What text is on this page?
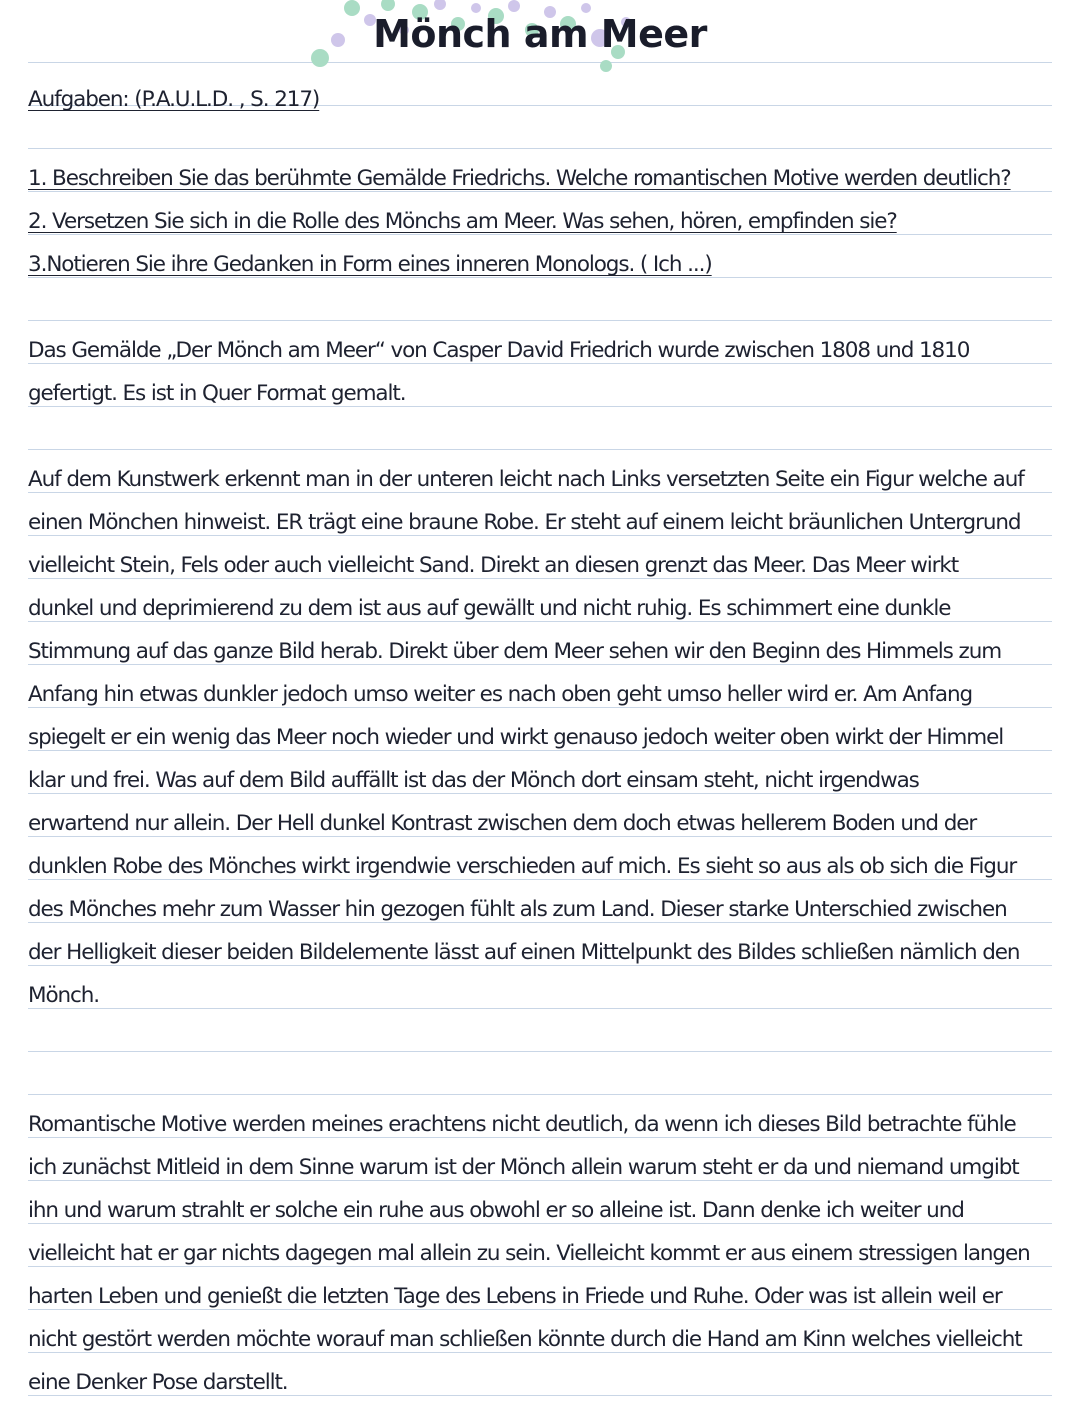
Mönch am Meer
Aufgaben: (P.A.U.L.D. , S. 217)
1. Beschreiben Sie das berühmte Gemälde Friedrichs. Welche romantischen Motive werden deutlich?
2. Versetzen Sie sich in die Rolle des Mönchs am Meer. Was sehen, hören, empfinden sie?
3.Notieren Sie ihre Gedanken in Form eines inneren Monologs. ( Ich ...)
Das Gemälde „Der Mönch am Meer“ von Casper David Friedrich wurde zwischen 1808 und 1810
gefertigt. Es ist in Quer Format gemalt.
Auf dem Kunstwerk erkennt man in der unteren leicht nach Links versetzten Seite ein Figur welche auf
einen Mönchen hinweist. ER trägt eine braune Robe. Er steht auf einem leicht bräunlichen Untergrund
vielleicht Stein, Fels oder auch vielleicht Sand. Direkt an diesen grenzt das Meer. Das Meer wirkt
dunkel und deprimierend zu dem ist aus auf gewällt und nicht ruhig. Es schimmert eine dunkle
Stimmung auf das ganze Bild herab. Direkt über dem Meer sehen wir den Beginn des Himmels zum
Anfang hin etwas dunkler jedoch umso weiter es nach oben geht umso heller wird er. Am Anfang
spiegelt er ein wenig das Meer noch wieder und wirkt genauso jedoch weiter oben wirkt der Himmel
klar und frei. Was auf dem Bild auffällt ist das der Mönch dort einsam steht, nicht irgendwas
erwartend nur allein. Der Hell dunkel Kontrast zwischen dem doch etwas hellerem Boden und der
dunklen Robe des Mönches wirkt irgendwie verschieden auf mich. Es sieht so aus als ob sich die Figur
des Mönches mehr zum Wasser hin gezogen fühlt als zum Land. Dieser starke Unterschied zwischen
der Helligkeit dieser beiden Bildelemente lässt auf einen Mittelpunkt des Bildes schließen nämlich den
Mönch.
Romantische Motive werden meines erachtens nicht deutlich, da wenn ich dieses Bild betrachte fühle
ich zunächst Mitleid in dem Sinne warum ist der Mönch allein warum steht er da und niemand umgibt
ihn und warum strahlt er solche ein ruhe aus obwohl er so alleine ist. Dann denke ich weiter und
vielleicht hat er gar nichts dagegen mal allein zu sein. Vielleicht kommt er aus einem stressigen langen
harten Leben und genießt die letzten Tage des Lebens in Friede und Ruhe. Oder was ist allein weil er
nicht gestört werden möchte worauf man schließen könnte durch die Hand am Kinn welches vielleicht
eine Denker Pose darstellt.
